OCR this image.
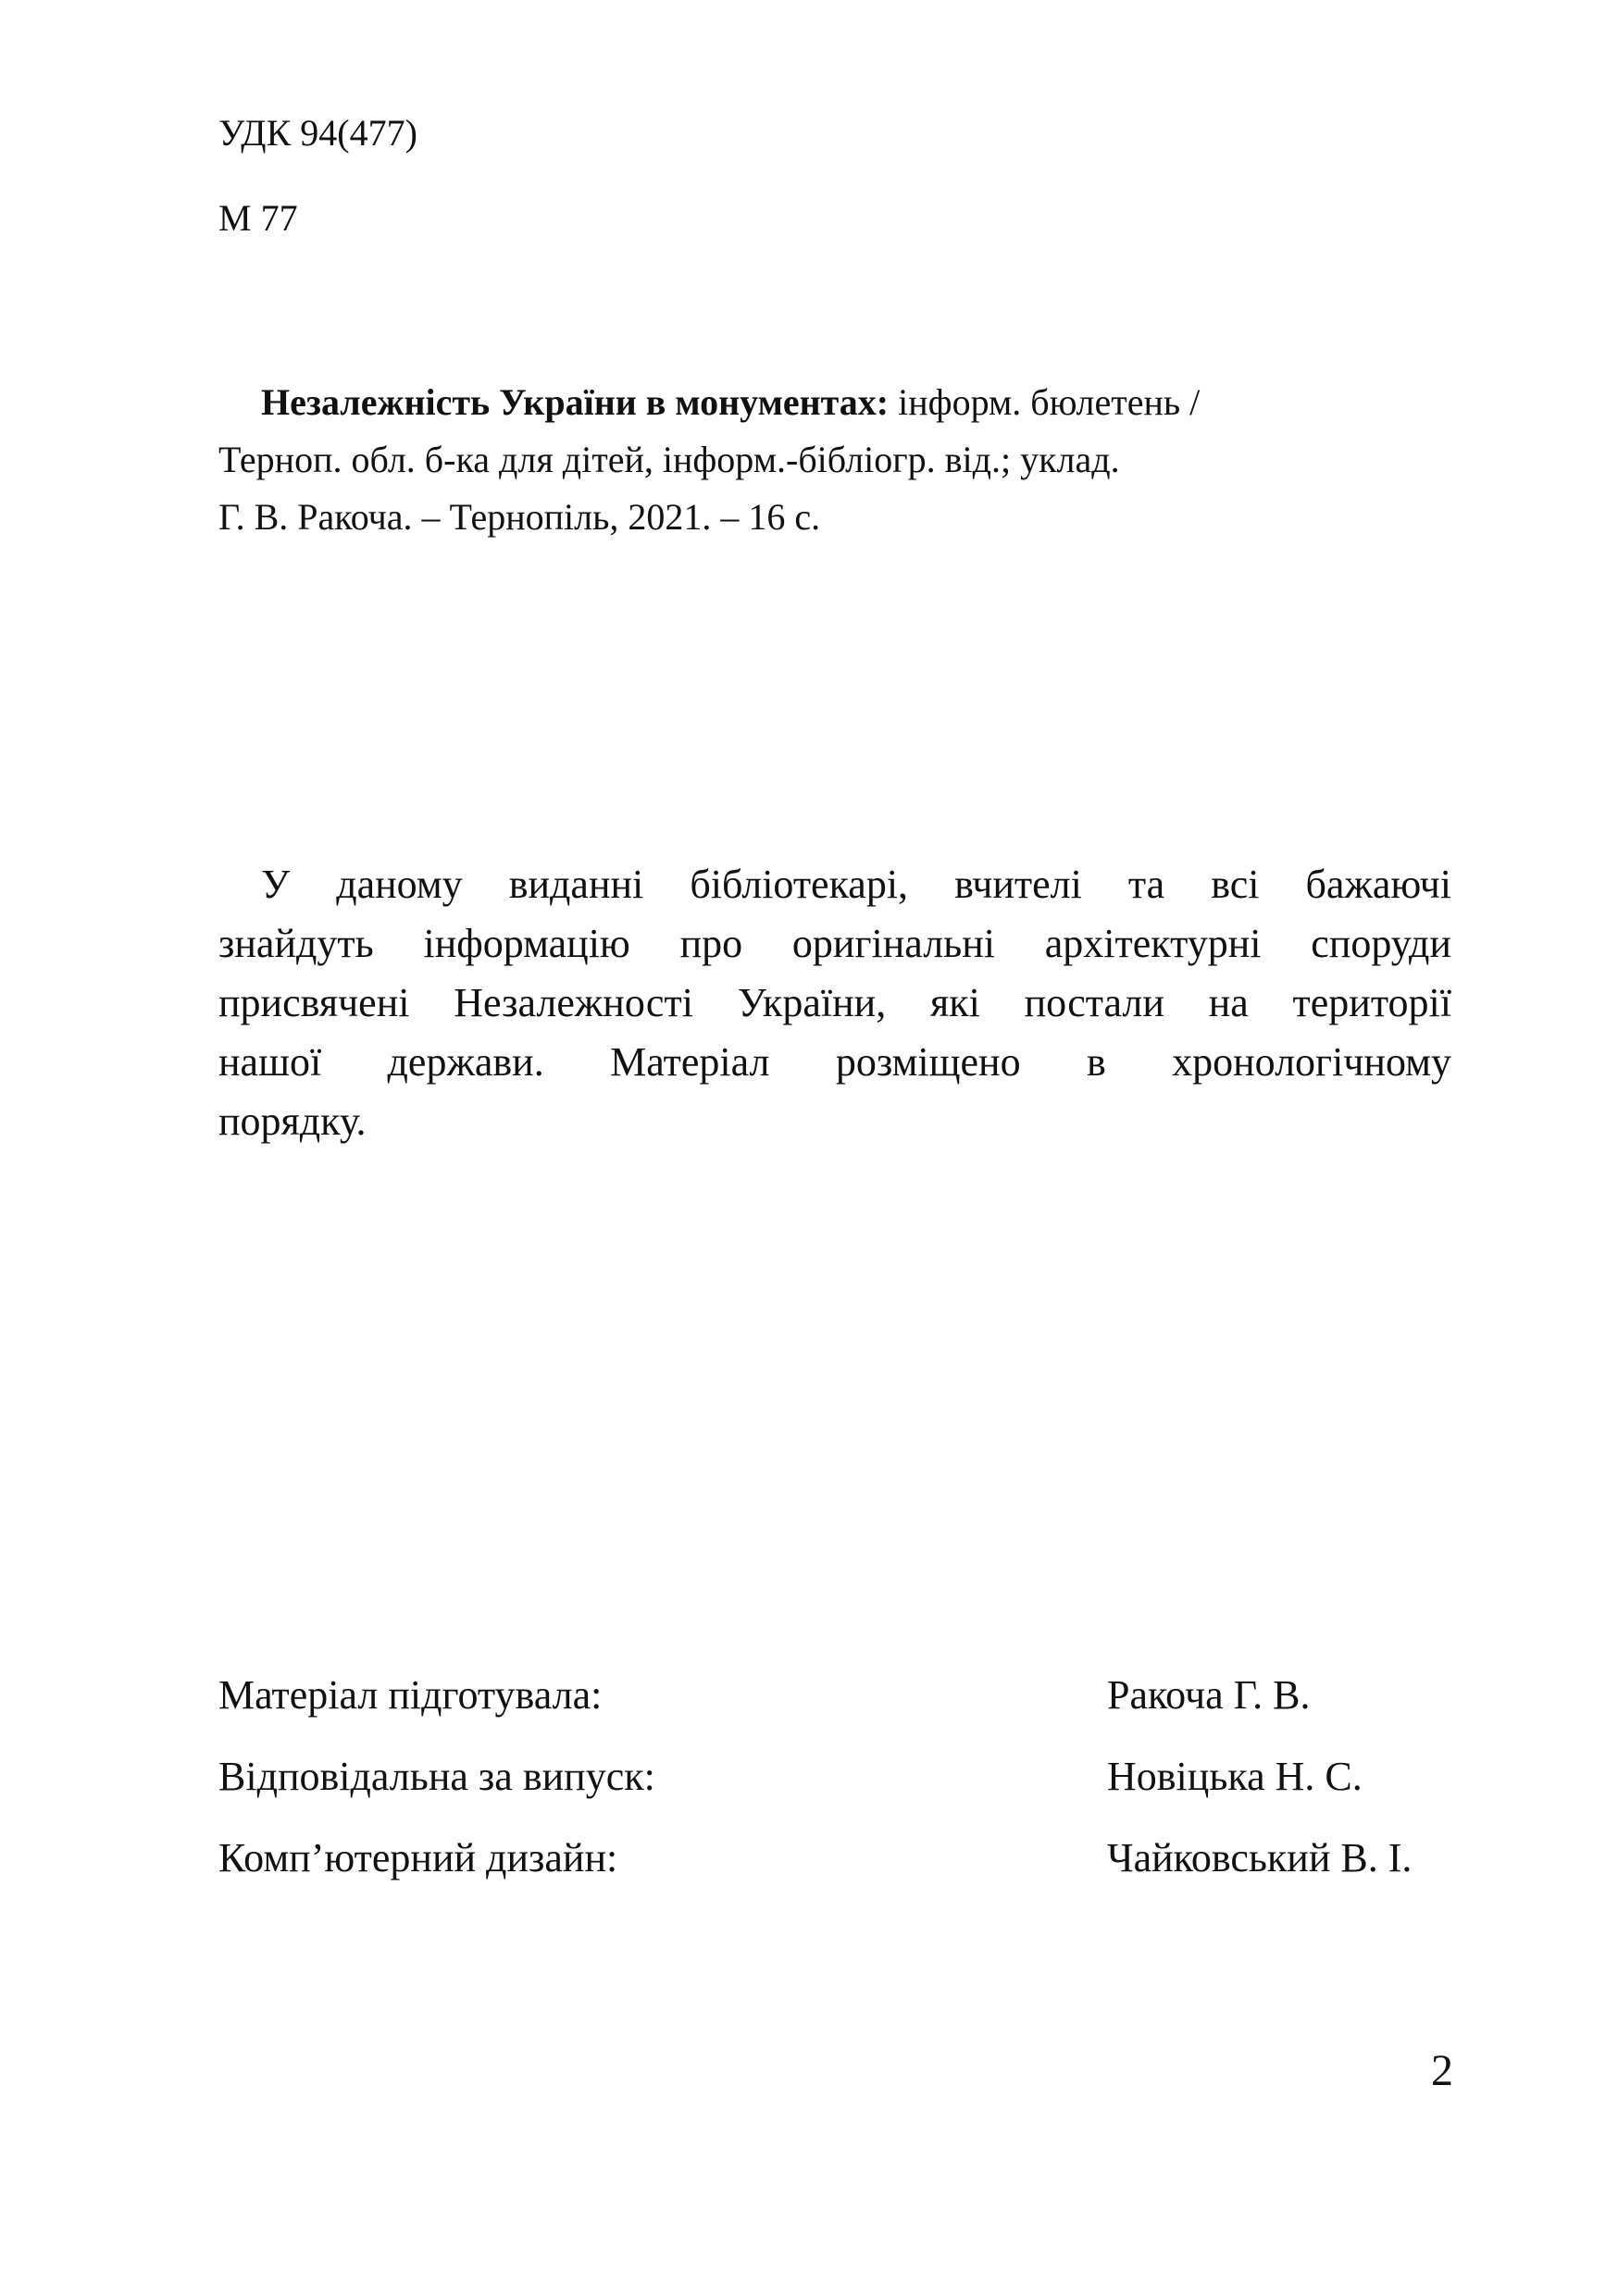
УДК 94(477)

М 77

Незалежність України в монументах: інформ. бюлетень /
Терноп. обл. б-ка для дітей, інформ.-бібліогр. від.; уклад.
Г. В. Ракоча. – Тернопіль, 2021. – 16 с.

У даному виданні бібліотекарі, вчителі та всі бажаючі
знайдуть інформацію про оригінальні архітектурні споруди
присвячені Незалежності України, які постали на території
нашої держави. Матеріал розміщено в хронологічному
порядку.
Матеріал підготувала:	Ракоча Г. В.
Відповідальна за випуск:	Новіцька Н. С.
Комп’ютерний дизайн:	Чайковський В. І.

2
